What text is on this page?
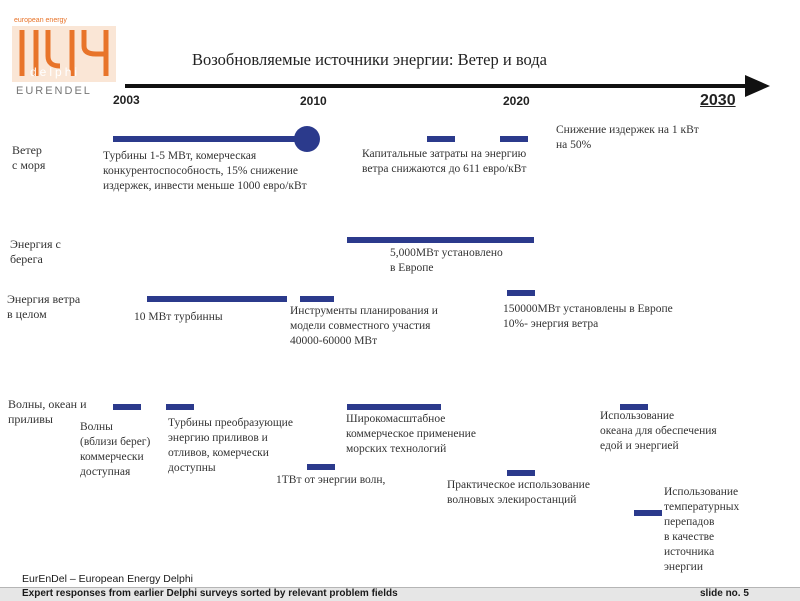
european energy
delphi
EURENDEL
Возобновляемые источники энергии: Ветер и вода
2003	2010	2020	2030
Ветер
с моря
Энергия с
берега
Энергия ветра
в целом
Волны, океан и
приливы
Турбины 1-5 МВт, комерческая
конкурентоспособность, 15% снижение
издержек, инвести меньше 1000 евро/кВт
Капитальные затраты на энергию
ветра снижаются до 611 евро/кВт
Снижение издержек на 1 кВт
на 50%
5,000МВт установлено
в Европе
10 МВт турбинны	Инструменты планирования и
модели совместного участия
40000-60000 МВт
150000МВт установлены в Европе
10%- энергия ветра
Волны
(вблизи берег)
коммерчески
доступная
Турбины преобразующие
энергию приливов и
отливов, комерчески
доступны
Широкомасштабное
коммерческое применение
морских технологий
Использование
океана для обеспечения
едой и энергией
1ТВт от энергии волн,	Практическое использование
волновых элекиростанций
Использование
температурных
перепадов
в качестве
источника
энергии
EurEnDel – European Energy Delphi
Expert responses from earlier Delphi surveys sorted by relevant problem fields	slide no. 5
